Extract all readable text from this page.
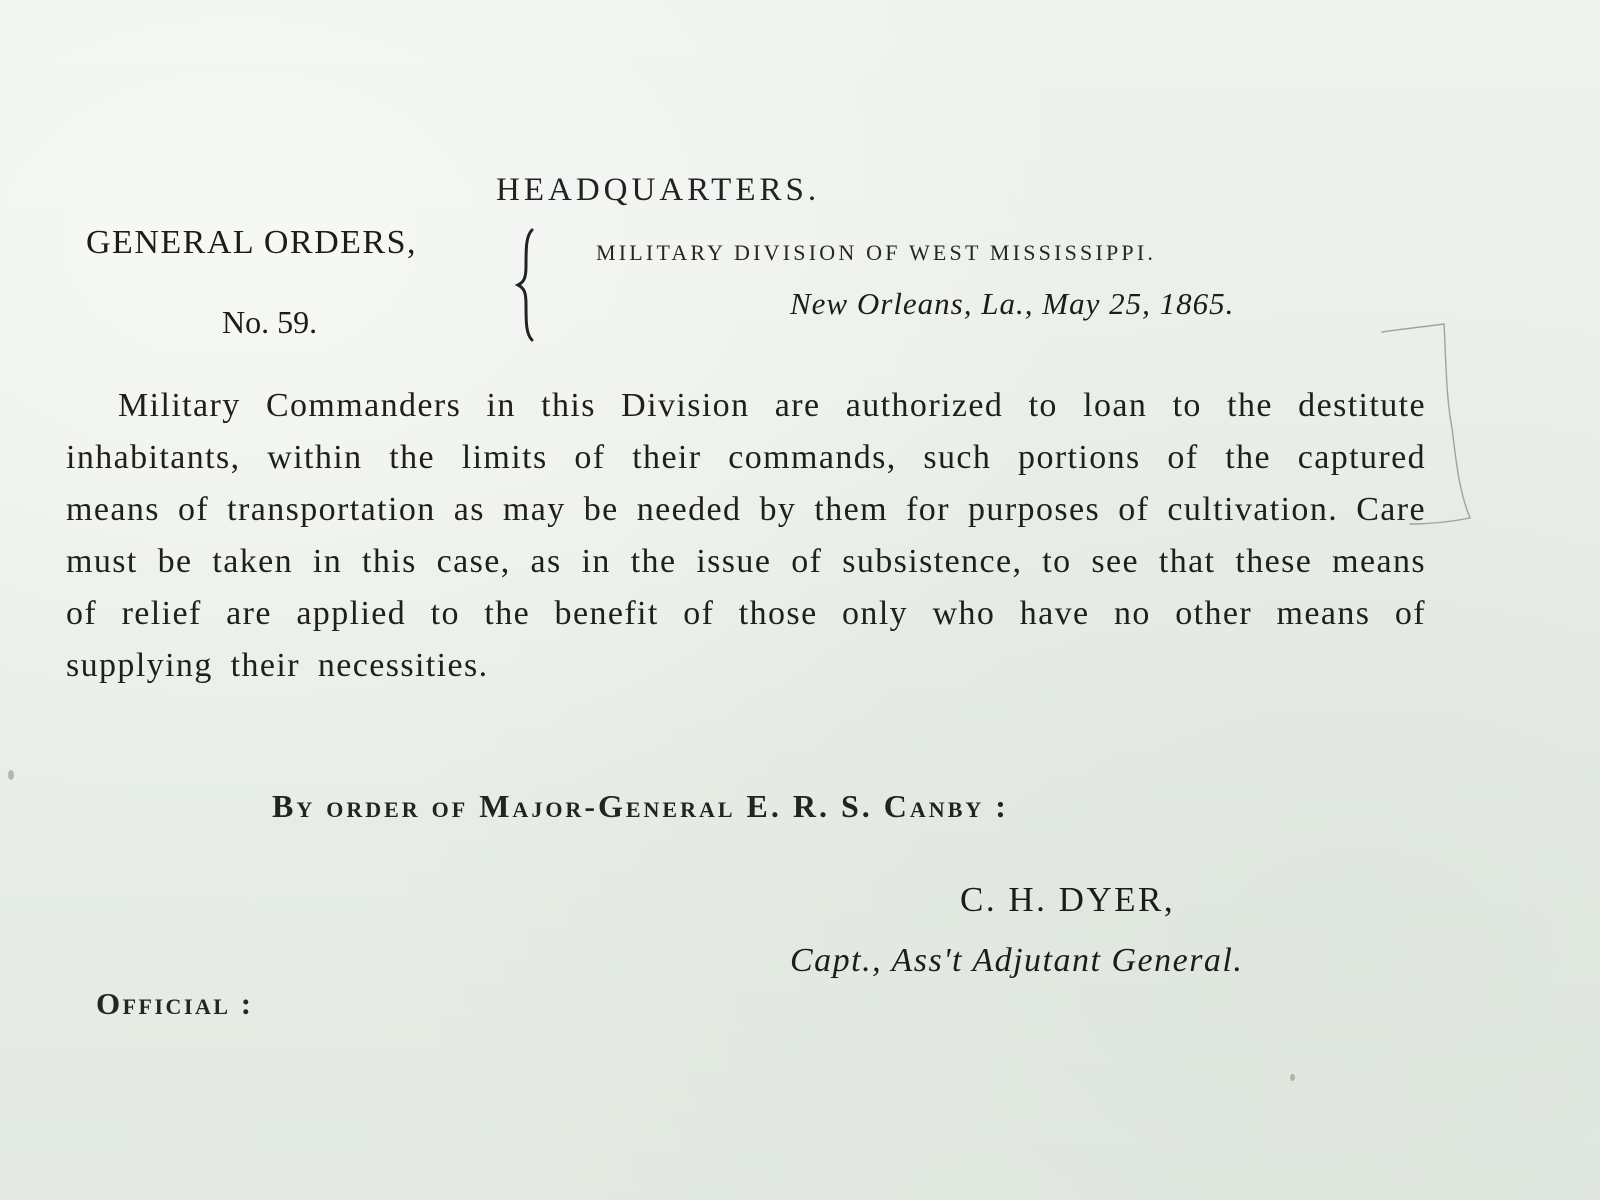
HEADQUARTERS.
GENERAL ORDERS,
No. 59.
MILITARY DIVISION OF WEST MISSISSIPPI.
New Orleans, La., May 25, 1865.
Military Commanders in this Division are authorized to loan to the destitute inhabitants, within the limits of their commands, such portions of the captured means of transportation as may be needed by them for purposes of cultivation. Care must be taken in this case, as in the issue of subsistence, to see that these means of relief are applied to the benefit of those only who have no other means of supplying their necessities.
By order of Major-General E. R. S. Canby :
C. H. DYER,
Capt., Ass't Adjutant General.
Official :
